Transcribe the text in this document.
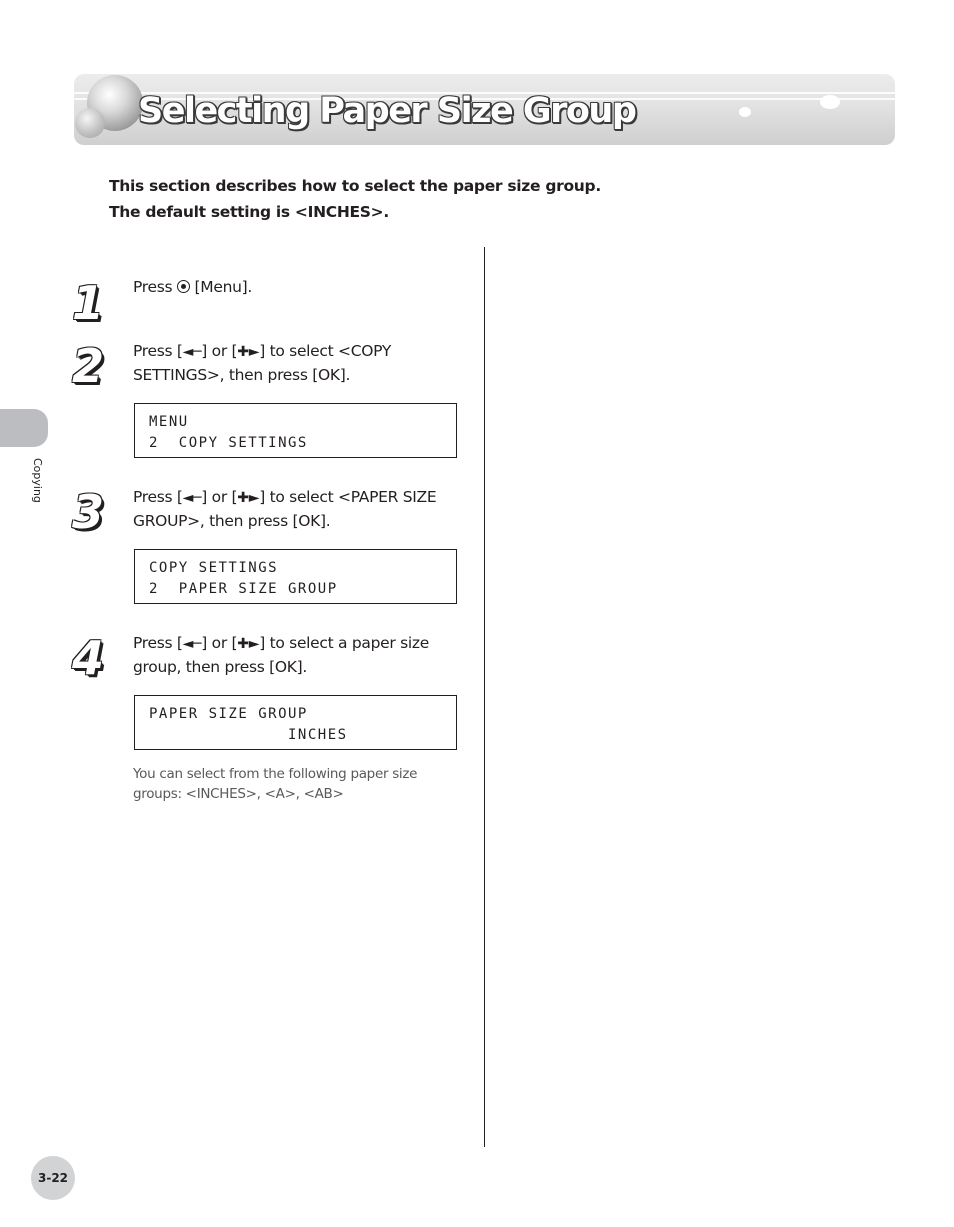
Selecting Paper Size Group
This section describes how to select the paper size group.
The default setting is <INCHES>.
1 Press  [Menu].
2 Press [◄─] or [✚►] to select <COPY SETTINGS>, then press [OK].
MENU
2  COPY SETTINGS
3 Press [◄─] or [✚►] to select <PAPER SIZE GROUP>, then press [OK].
COPY SETTINGS
2  PAPER SIZE GROUP
4 Press [◄─] or [✚►] to select a paper size group, then press [OK].
PAPER SIZE GROUP
INCHES
You can select from the following paper size groups: <INCHES>, <A>, <AB>
Copying
3-22
